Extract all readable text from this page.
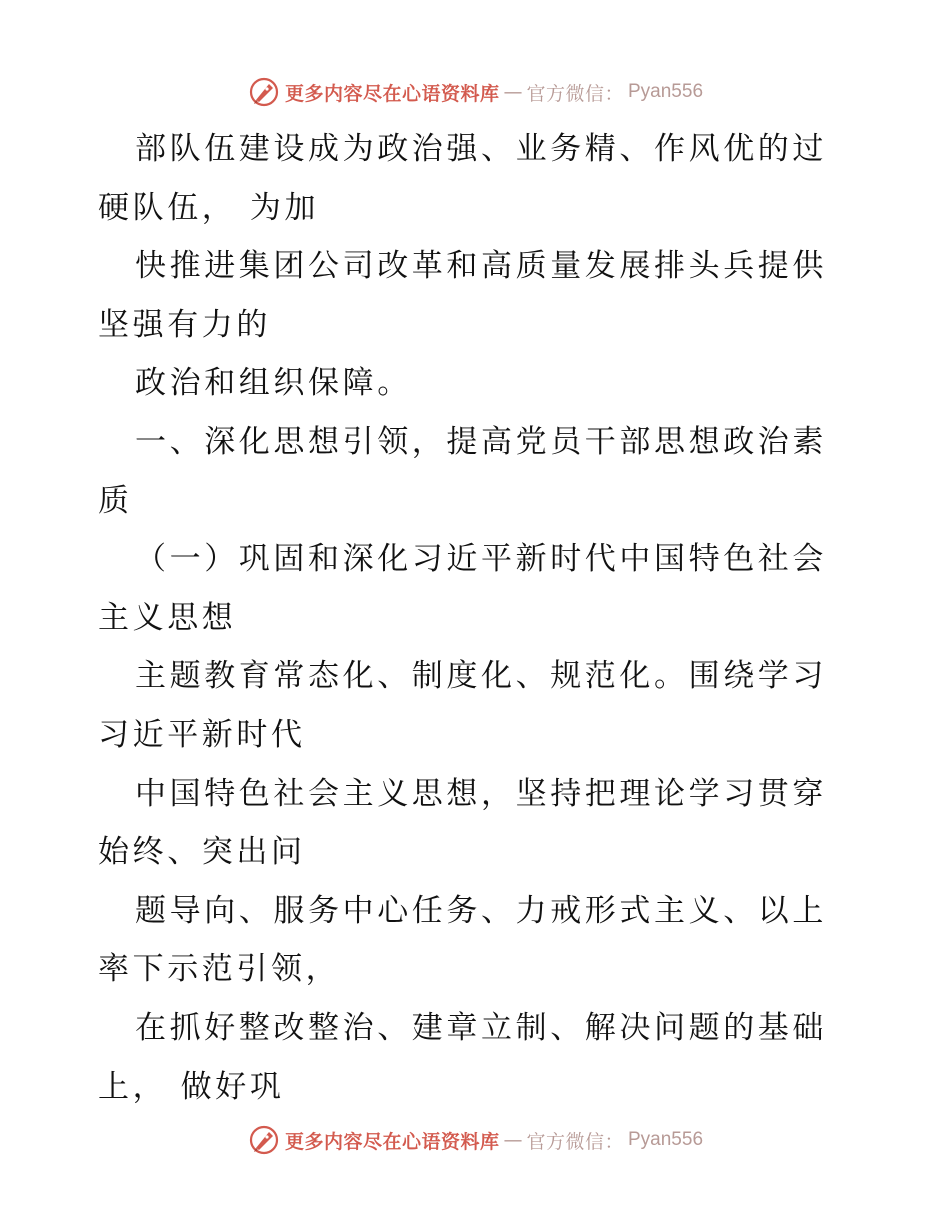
更多内容尽在心语资料库 — 官方微信： Pyan556

部队伍建设成为政治强、业务精、作风优的过硬队伍， 为加

快推进集团公司改革和高质量发展排头兵提供坚强有力的

政治和组织保障。

一、深化思想引领，提高党员干部思想政治素质

（一）巩固和深化习近平新时代中国特色社会主义思想

主题教育常态化、制度化、规范化。围绕学习习近平新时代

中国特色社会主义思想，坚持把理论学习贯穿始终、突出问

题导向、服务中心任务、力戒形式主义、以上率下示范引领，

在抓好整改整治、建章立制、解决问题的基础上， 做好巩

更多内容尽在心语资料库 — 官方微信： Pyan556
